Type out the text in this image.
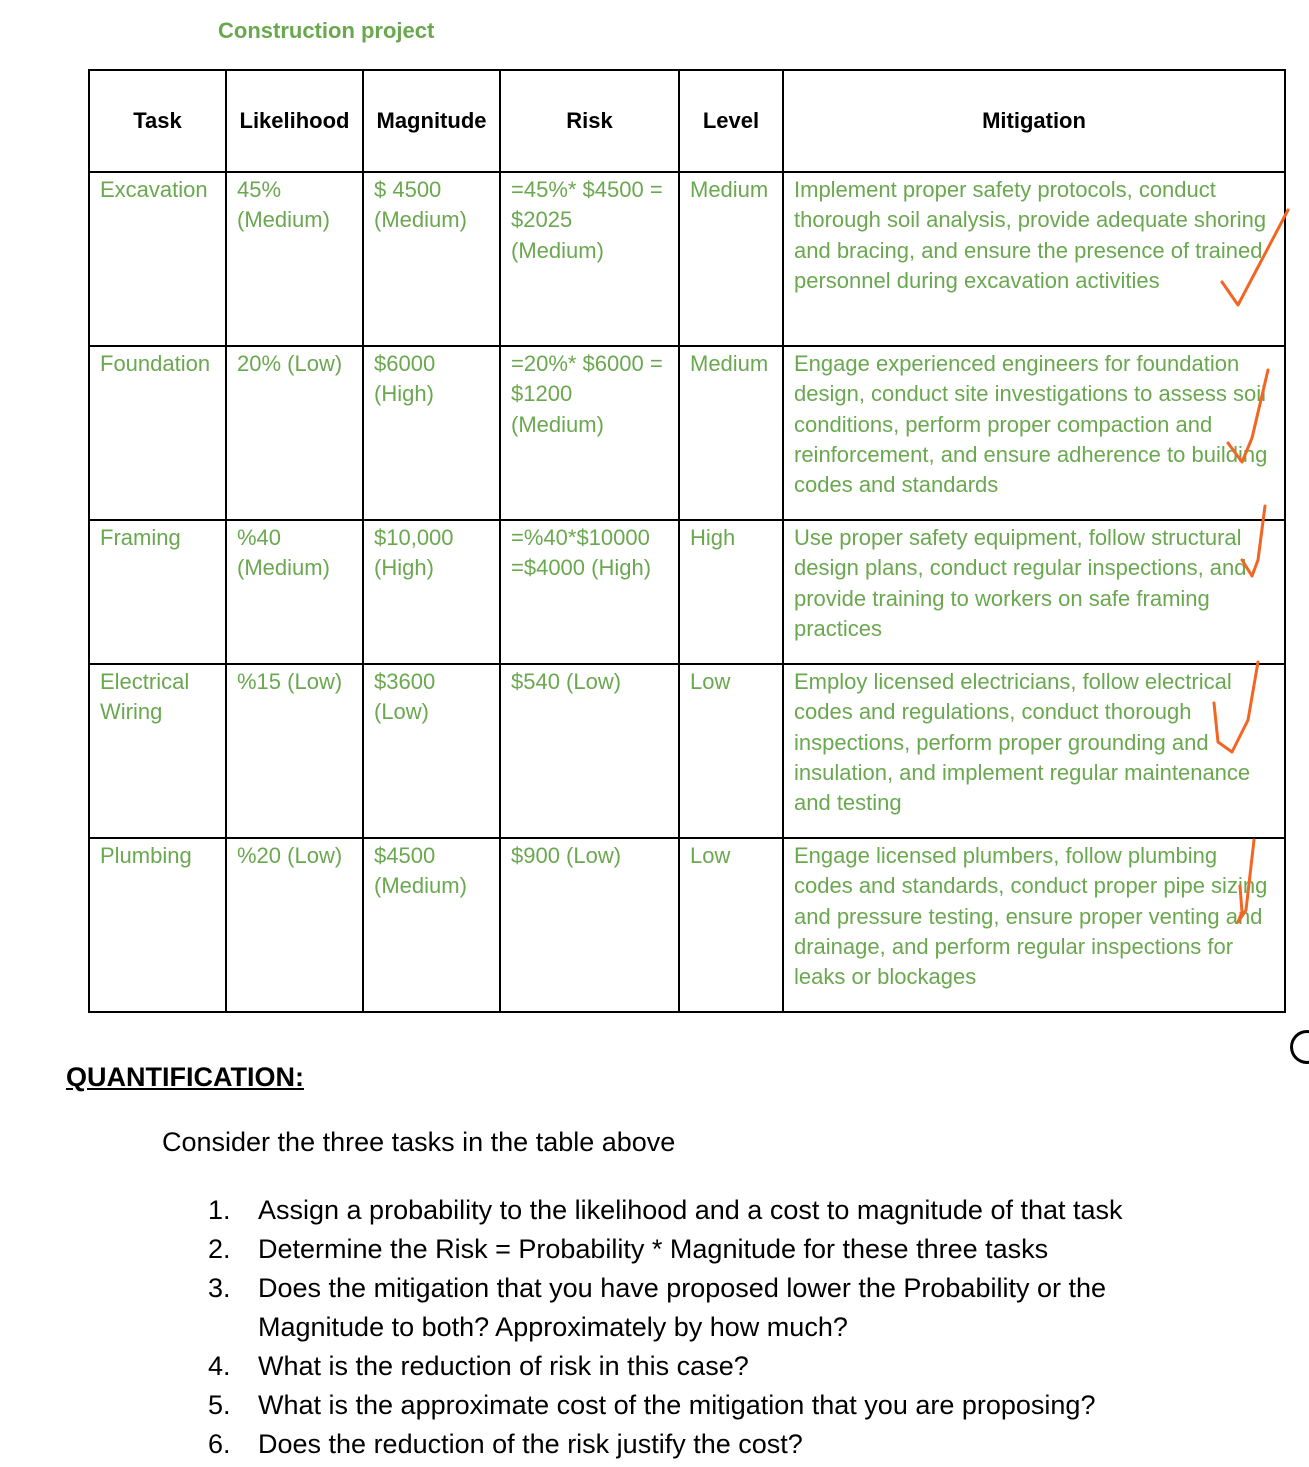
Construction project
Task	Likelihood	Magnitude	Risk	Level	Mitigation
Excavation	45% (Medium)	$ 4500 (Medium)	=45%* $4500 = $2025 (Medium)	Medium	Implement proper safety protocols, conduct thorough soil analysis, provide adequate shoring and bracing, and ensure the presence of trained personnel during excavation activities
Foundation	20% (Low)	$6000 (High)	=20%* $6000 = $1200 (Medium)	Medium	Engage experienced engineers for foundation design, conduct site investigations to assess soil conditions, perform proper compaction and reinforcement, and ensure adherence to building codes and standards
Framing	%40 (Medium)	$10,000 (High)	=%40*$10000 =$4000 (High)	High	Use proper safety equipment, follow structural design plans, conduct regular inspections, and provide training to workers on safe framing practices
Electrical Wiring	%15 (Low)	$3600 (Low)	$540 (Low)	Low	Employ licensed electricians, follow electrical codes and regulations, conduct thorough inspections, perform proper grounding and insulation, and implement regular maintenance and testing
Plumbing	%20 (Low)	$4500 (Medium)	$900 (Low)	Low	Engage licensed plumbers, follow plumbing codes and standards, conduct proper pipe sizing and pressure testing, ensure proper venting and drainage, and perform regular inspections for leaks or blockages
QUANTIFICATION:
Consider the three tasks in the table above
1. Assign a probability to the likelihood and a cost to magnitude of that task
2. Determine the Risk = Probability * Magnitude for these three tasks
3. Does the mitigation that you have proposed lower the Probability or the Magnitude to both? Approximately by how much?
4. What is the reduction of risk in this case?
5. What is the approximate cost of the mitigation that you are proposing?
6. Does the reduction of the risk justify the cost?
